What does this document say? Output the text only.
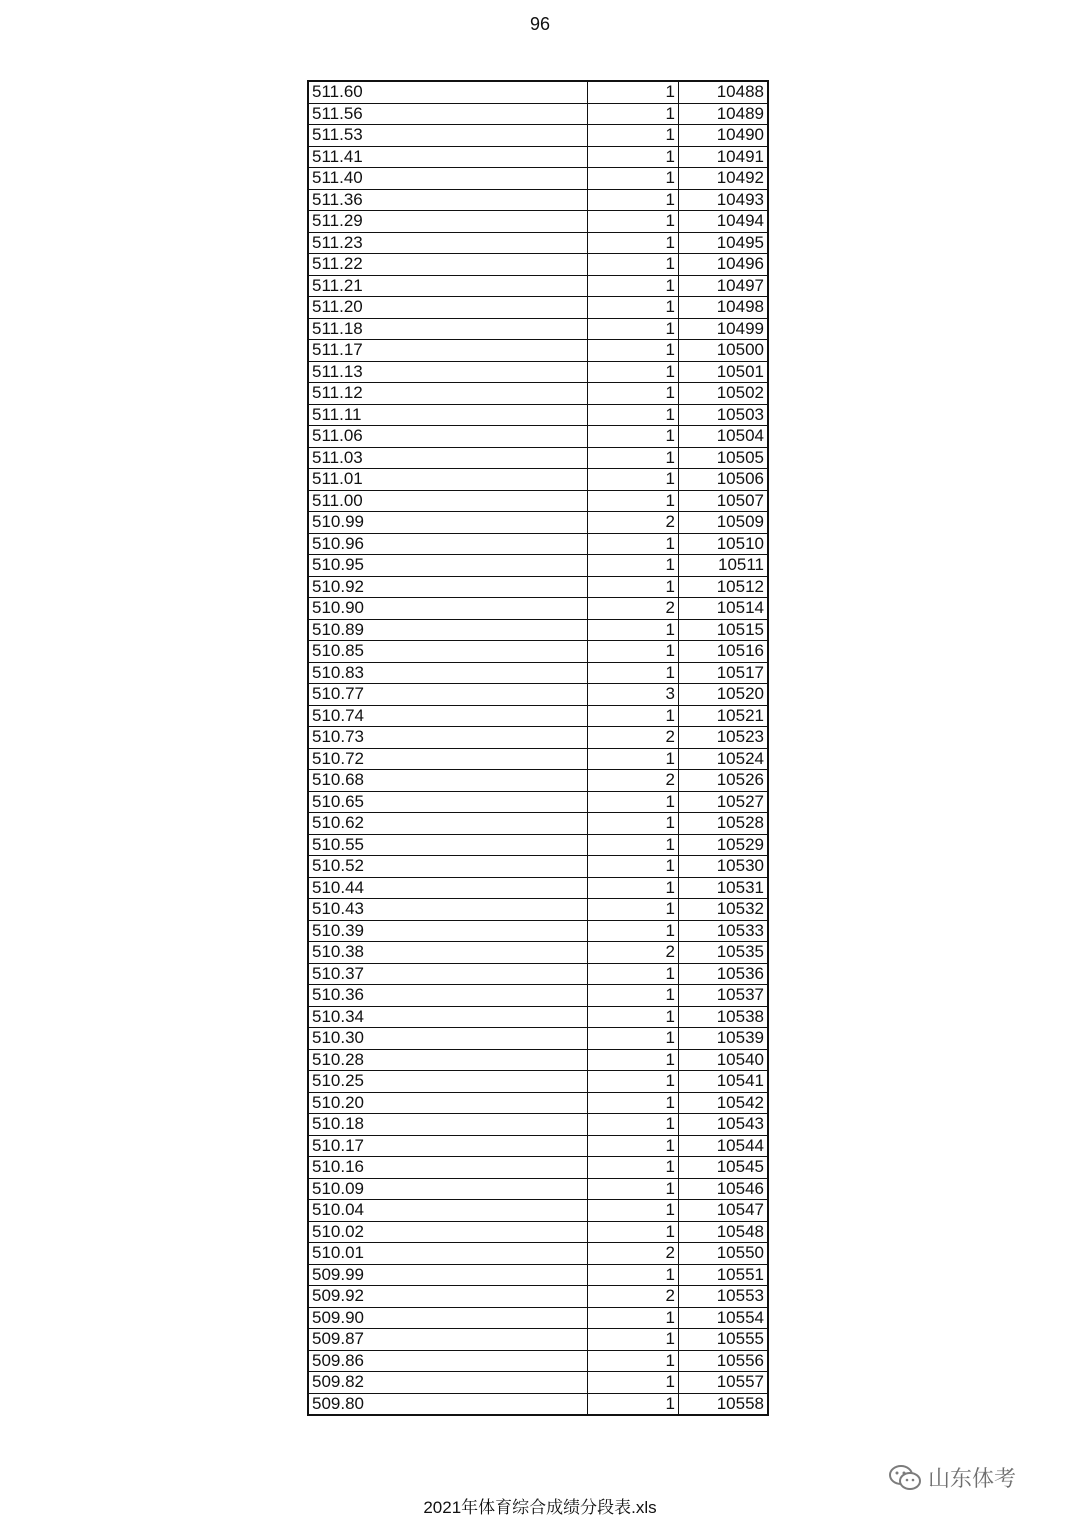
96
511.60	1	10488
511.56	1	10489
511.53	1	10490
511.41	1	10491
511.40	1	10492
511.36	1	10493
511.29	1	10494
511.23	1	10495
511.22	1	10496
511.21	1	10497
511.20	1	10498
511.18	1	10499
511.17	1	10500
511.13	1	10501
511.12	1	10502
511.11	1	10503
511.06	1	10504
511.03	1	10505
511.01	1	10506
511.00	1	10507
510.99	2	10509
510.96	1	10510
510.95	1	10511
510.92	1	10512
510.90	2	10514
510.89	1	10515
510.85	1	10516
510.83	1	10517
510.77	3	10520
510.74	1	10521
510.73	2	10523
510.72	1	10524
510.68	2	10526
510.65	1	10527
510.62	1	10528
510.55	1	10529
510.52	1	10530
510.44	1	10531
510.43	1	10532
510.39	1	10533
510.38	2	10535
510.37	1	10536
510.36	1	10537
510.34	1	10538
510.30	1	10539
510.28	1	10540
510.25	1	10541
510.20	1	10542
510.18	1	10543
510.17	1	10544
510.16	1	10545
510.09	1	10546
510.04	1	10547
510.02	1	10548
510.01	2	10550
509.99	1	10551
509.92	2	10553
509.90	1	10554
509.87	1	10555
509.86	1	10556
509.82	1	10557
509.80	1	10558
2021年体育综合成绩分段表.xls
山东体考
